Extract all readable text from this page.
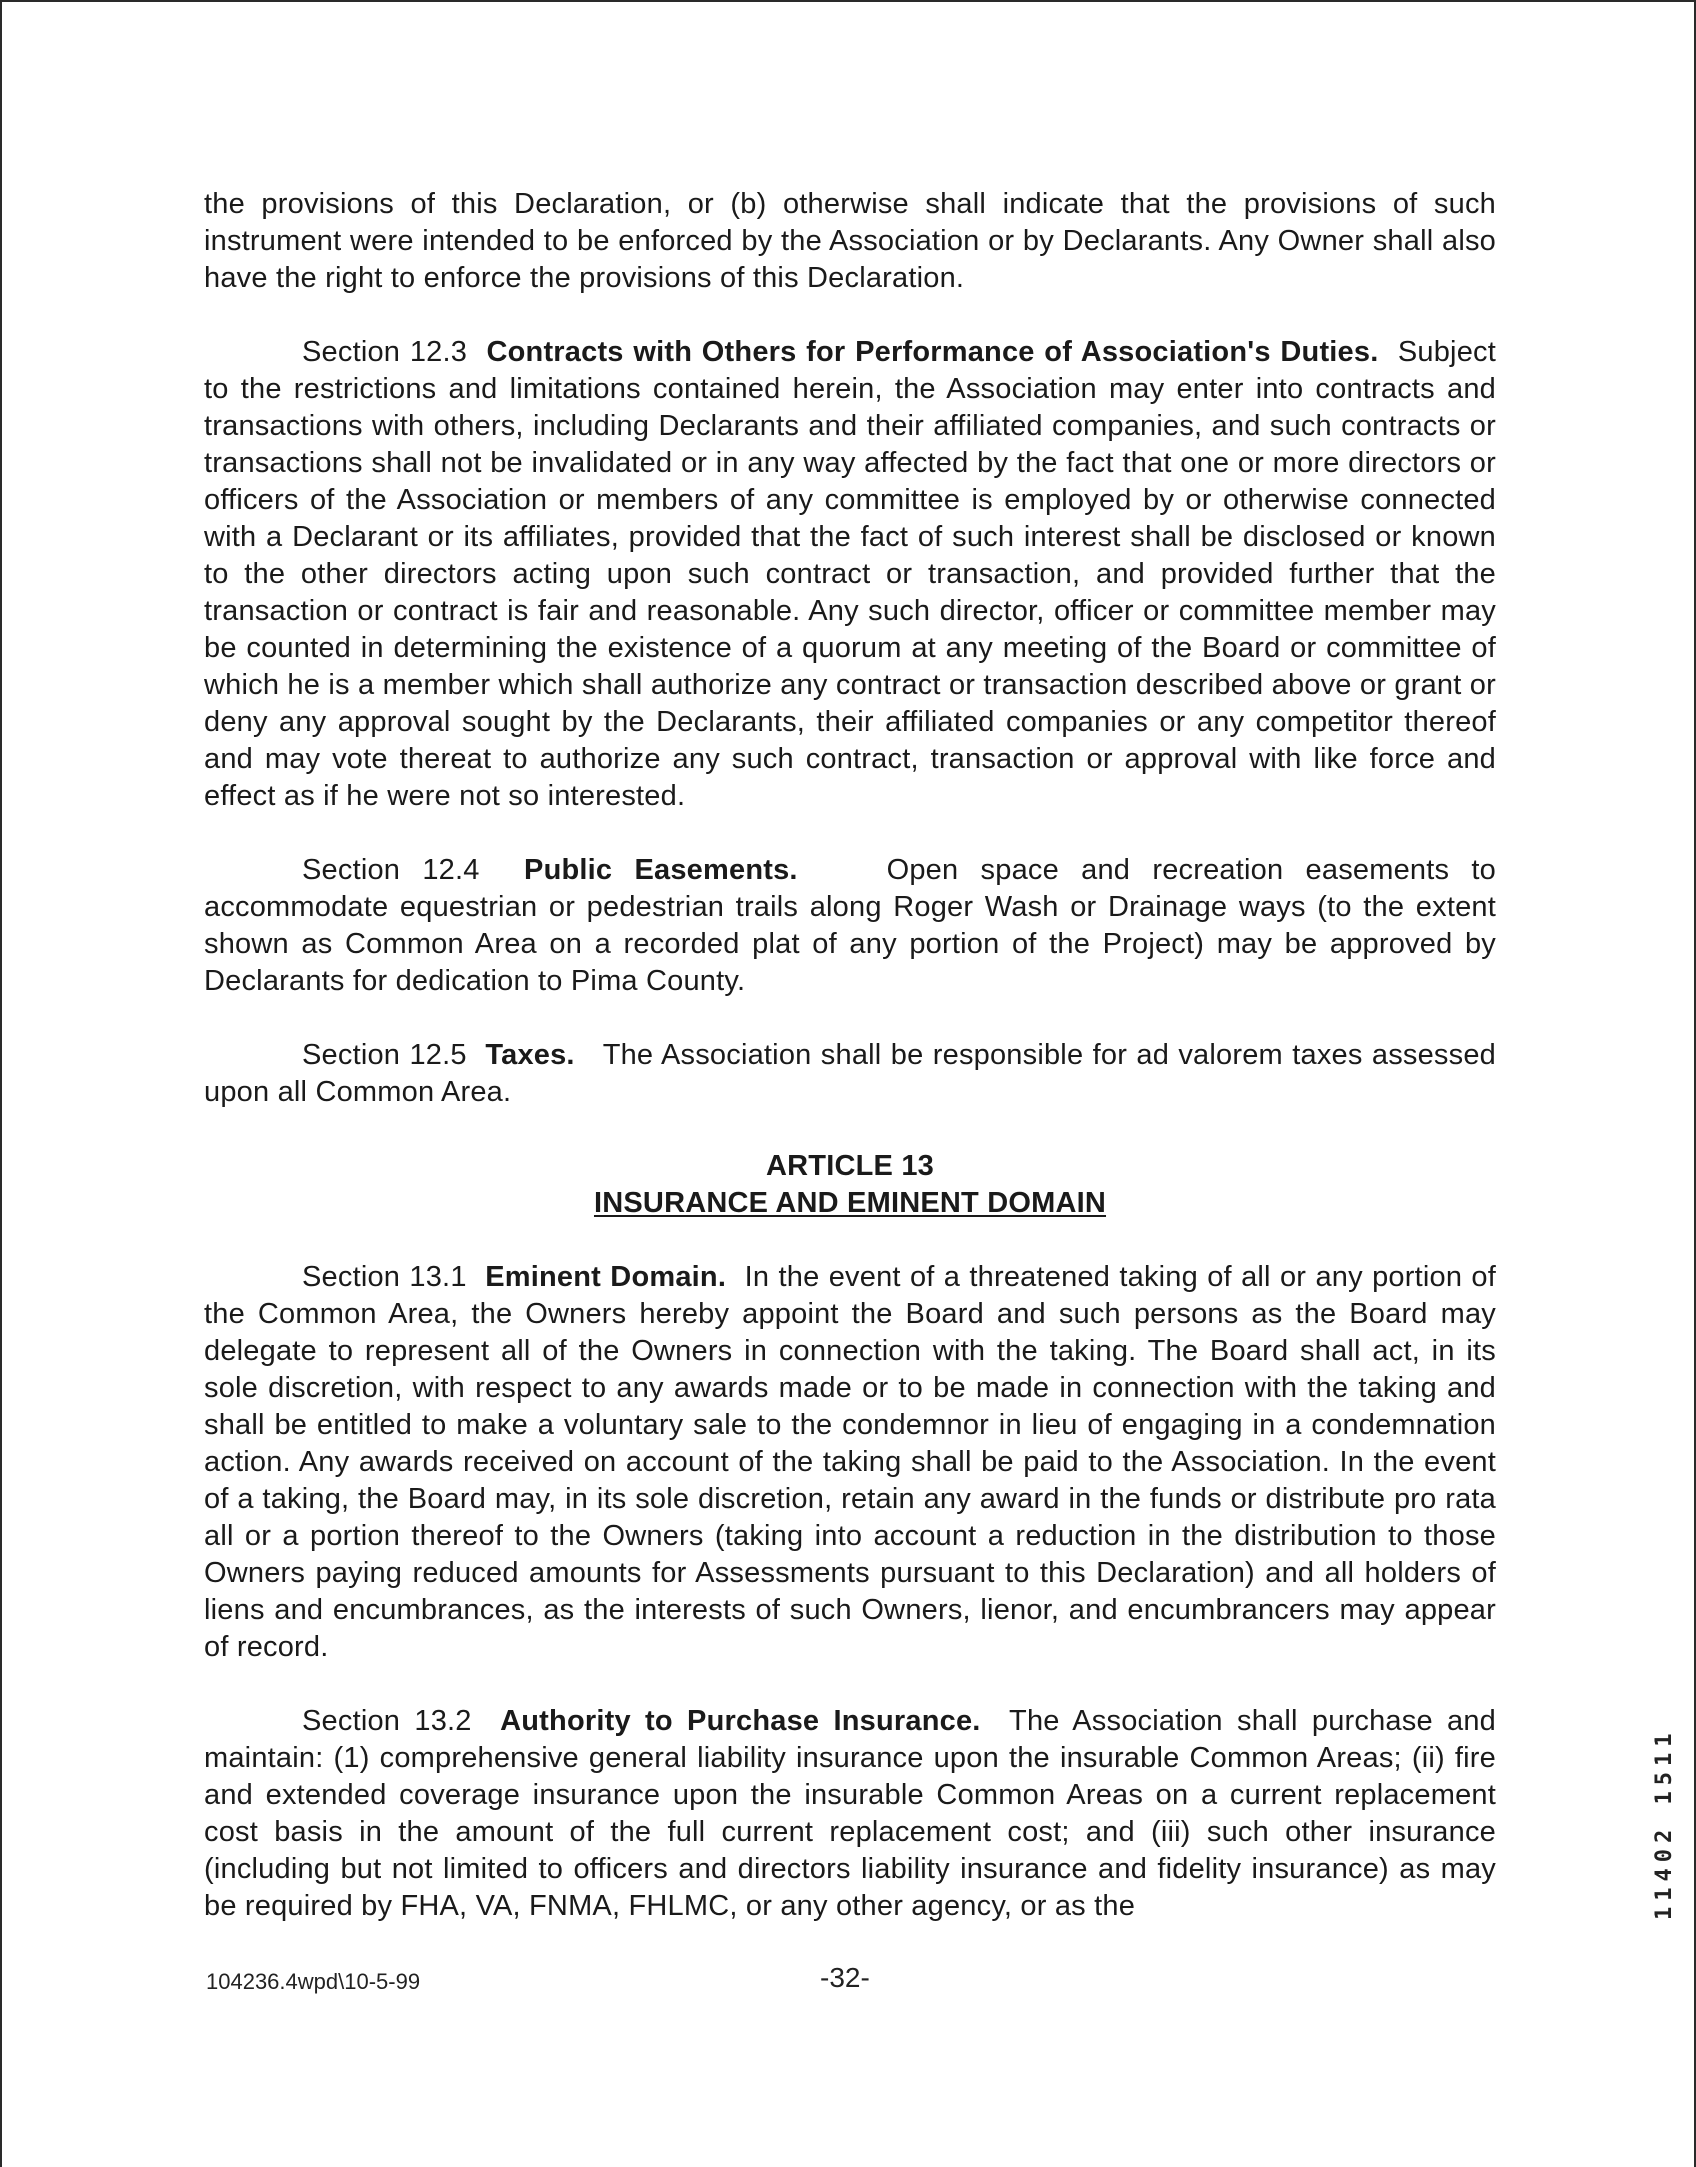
the provisions of this Declaration, or (b) otherwise shall indicate that the provisions of such instrument were intended to be enforced by the Association or by Declarants. Any Owner shall also have the right to enforce the provisions of this Declaration.

Section 12.3 Contracts with Others for Performance of Association's Duties. Subject to the restrictions and limitations contained herein, the Association may enter into contracts and transactions with others, including Declarants and their affiliated companies, and such contracts or transactions shall not be invalidated or in any way affected by the fact that one or more directors or officers of the Association or members of any committee is employed by or otherwise connected with a Declarant or its affiliates, provided that the fact of such interest shall be disclosed or known to the other directors acting upon such contract or transaction, and provided further that the transaction or contract is fair and reasonable. Any such director, officer or committee member may be counted in determining the existence of a quorum at any meeting of the Board or committee of which he is a member which shall authorize any contract or transaction described above or grant or deny any approval sought by the Declarants, their affiliated companies or any competitor thereof and may vote thereat to authorize any such contract, transaction or approval with like force and effect as if he were not so interested.

Section 12.4 Public Easements.	Open space and recreation easements to accommodate equestrian or pedestrian trails along Roger Wash or Drainage ways (to the extent shown as Common Area on a recorded plat of any portion of the Project) may be approved by Declarants for dedication to Pima County.

Section 12.5 Taxes. The Association shall be responsible for ad valorem taxes assessed upon all Common Area.

ARTICLE 13
INSURANCE AND EMINENT DOMAIN

Section 13.1 Eminent Domain. In the event of a threatened taking of all or any portion of the Common Area, the Owners hereby appoint the Board and such persons as the Board may delegate to represent all of the Owners in connection with the taking. The Board shall act, in its sole discretion, with respect to any awards made or to be made in connection with the taking and shall be entitled to make a voluntary sale to the condemnor in lieu of engaging in a condemnation action. Any awards received on account of the taking shall be paid to the Association. In the event of a taking, the Board may, in its sole discretion, retain any award in the funds or distribute pro rata all or a portion thereof to the Owners (taking into account a reduction in the distribution to those Owners paying reduced amounts for Assessments pursuant to this Declaration) and all holders of liens and encumbrances, as the interests of such Owners, lienor, and encumbrancers may appear of record.

Section 13.2 Authority to Purchase Insurance. The Association shall purchase and maintain: (1) comprehensive general liability insurance upon the insurable Common Areas; (ii) fire and extended coverage insurance upon the insurable Common Areas on a current replacement cost basis in the amount of the full current replacement cost; and (iii) such other insurance (including but not limited to officers and directors liability insurance and fidelity insurance) as may be required by FHA, VA, FNMA, FHLMC, or any other agency, or as the

104236.4wpd\10-5-99	-32-
11402 1511
